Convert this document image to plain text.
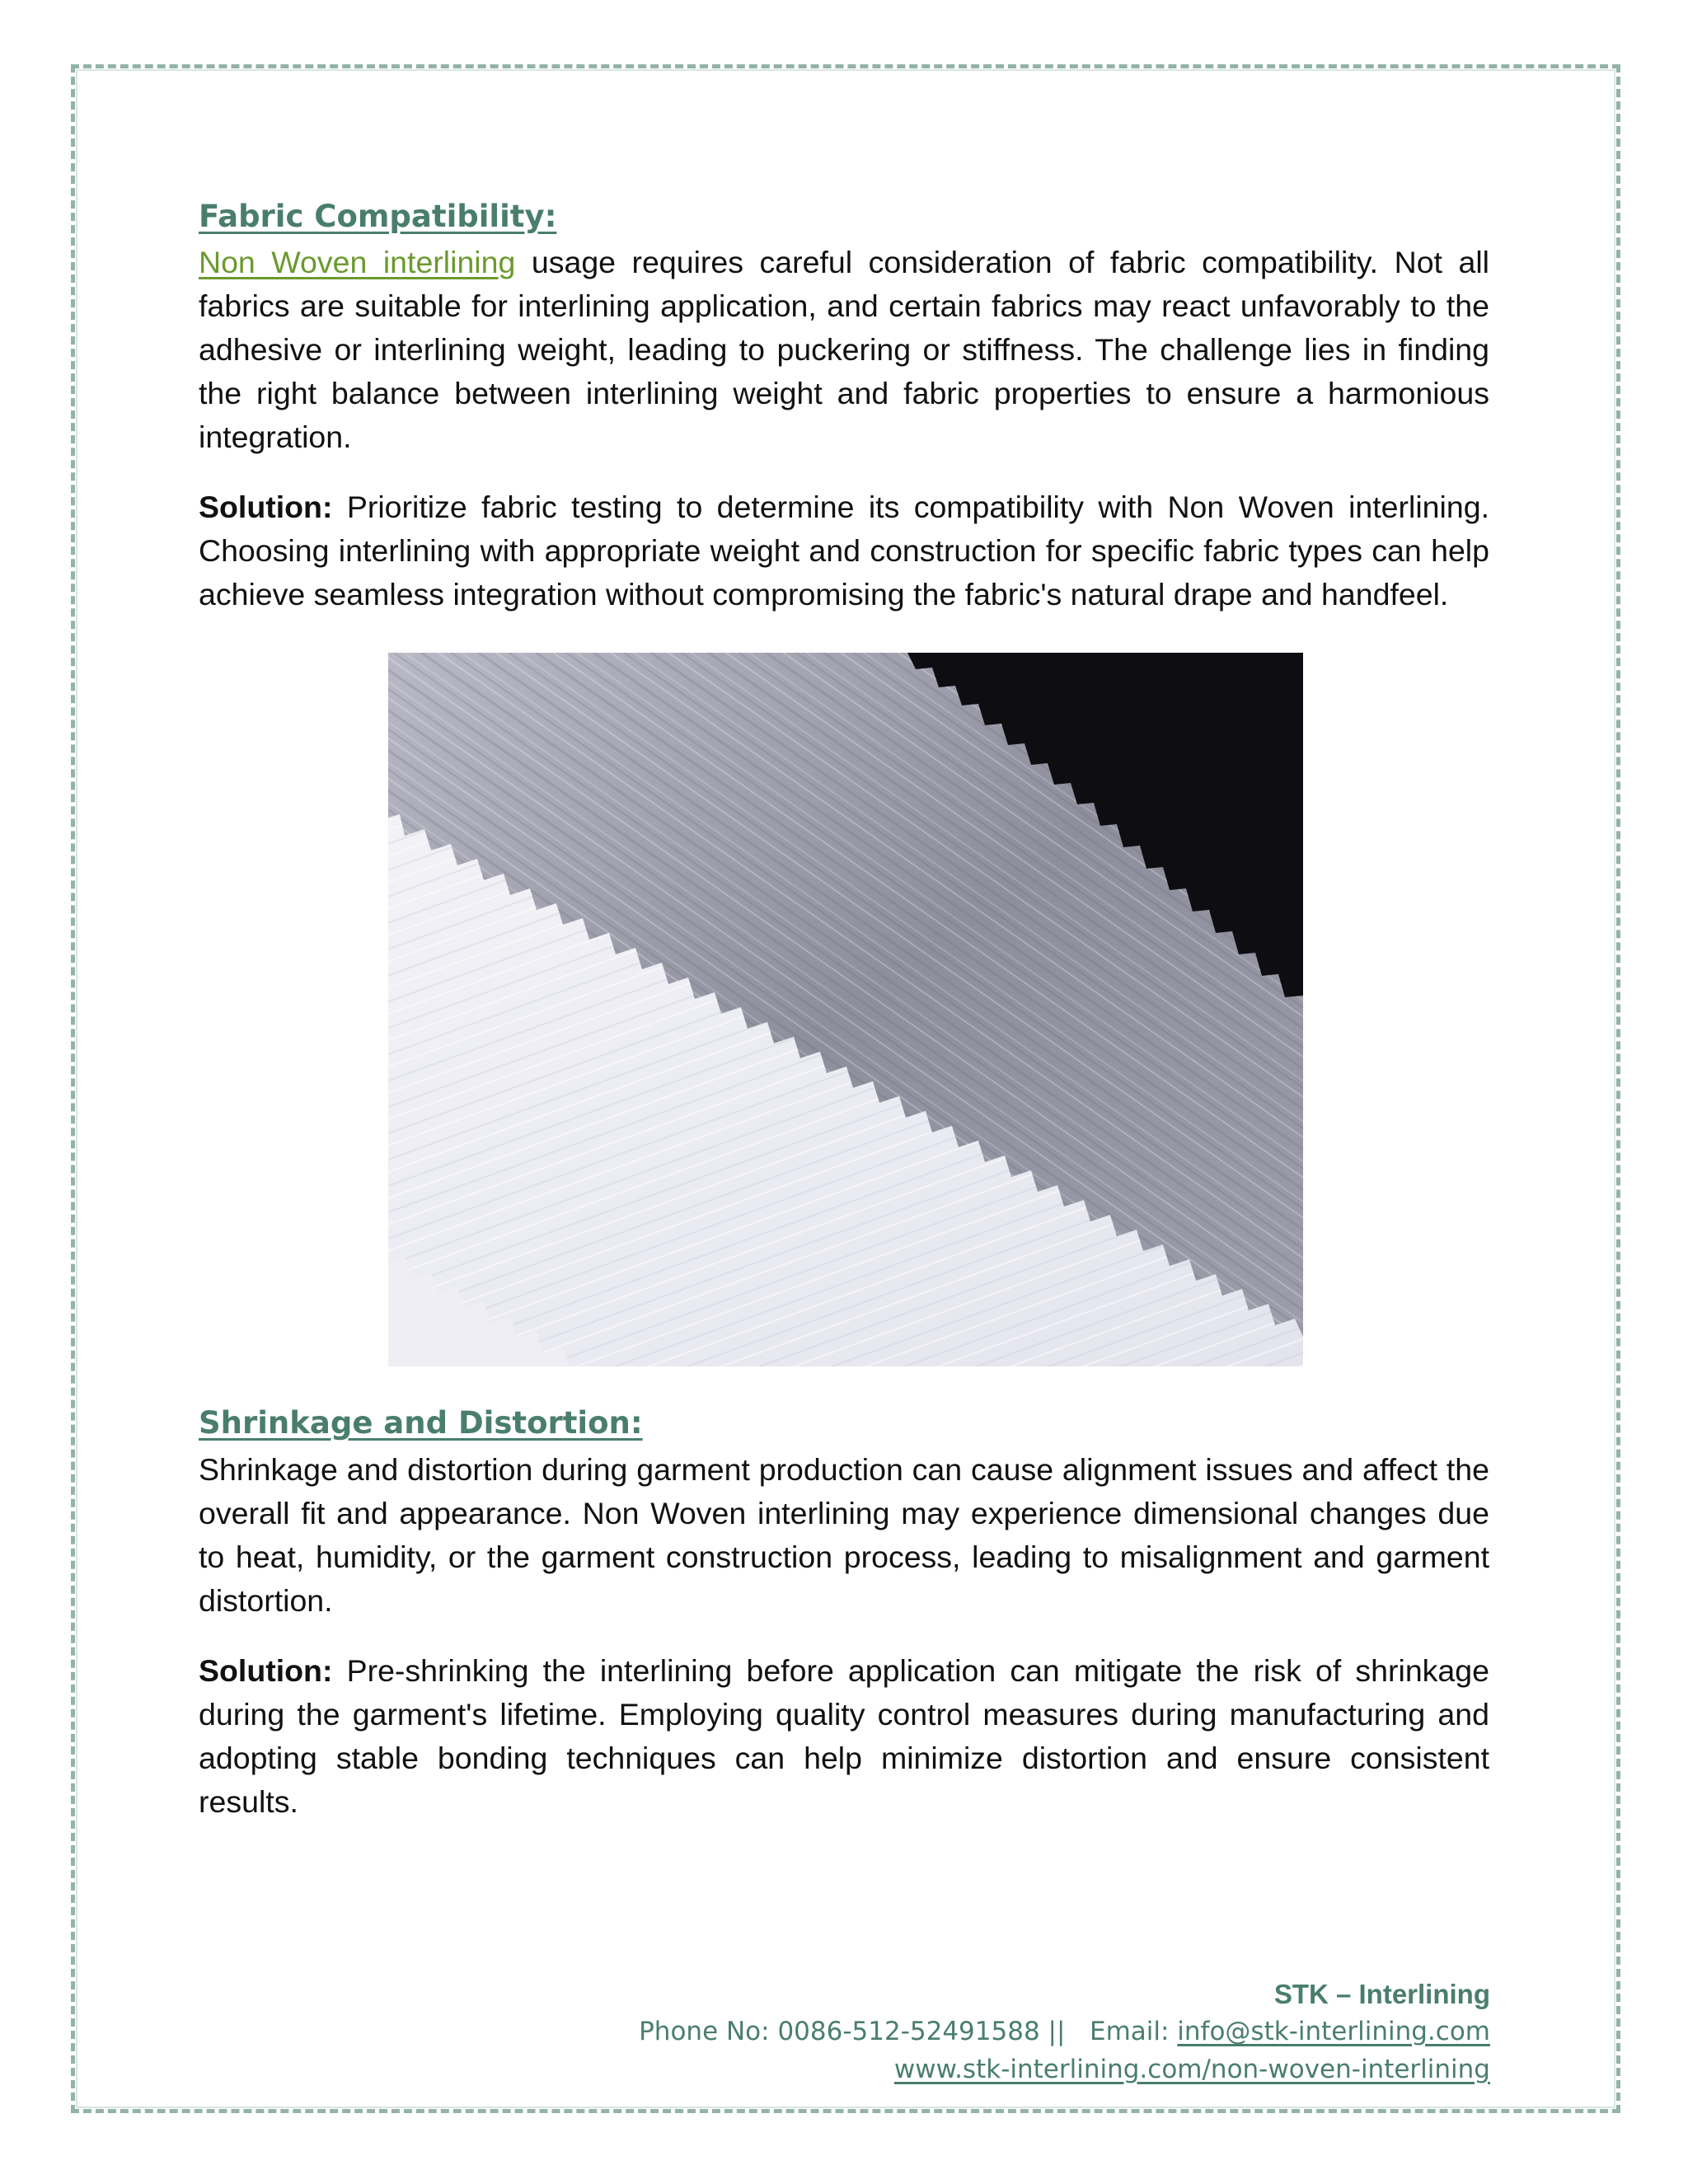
Fabric Compatibility:

Non Woven interlining usage requires careful consideration of fabric compatibility. Not all fabrics are suitable for interlining application, and certain fabrics may react unfavorably to the adhesive or interlining weight, leading to puckering or stiffness. The challenge lies in finding the right balance between interlining weight and fabric properties to ensure a harmonious integration.

Solution: Prioritize fabric testing to determine its compatibility with Non Woven interlining. Choosing interlining with appropriate weight and construction for specific fabric types can help achieve seamless integration without compromising the fabric's natural drape and handfeel.

Shrinkage and Distortion:

Shrinkage and distortion during garment production can cause alignment issues and affect the overall fit and appearance. Non Woven interlining may experience dimensional changes due to heat, humidity, or the garment construction process, leading to misalignment and garment distortion.

Solution: Pre-shrinking the interlining before application can mitigate the risk of shrinkage during the garment's lifetime. Employing quality control measures during manufacturing and adopting stable bonding techniques can help minimize distortion and ensure consistent results.

STK – Interlining
Phone No: 0086-512-52491588 ||   Email: info@stk-interlining.com
www.stk-interlining.com/non-woven-interlining
